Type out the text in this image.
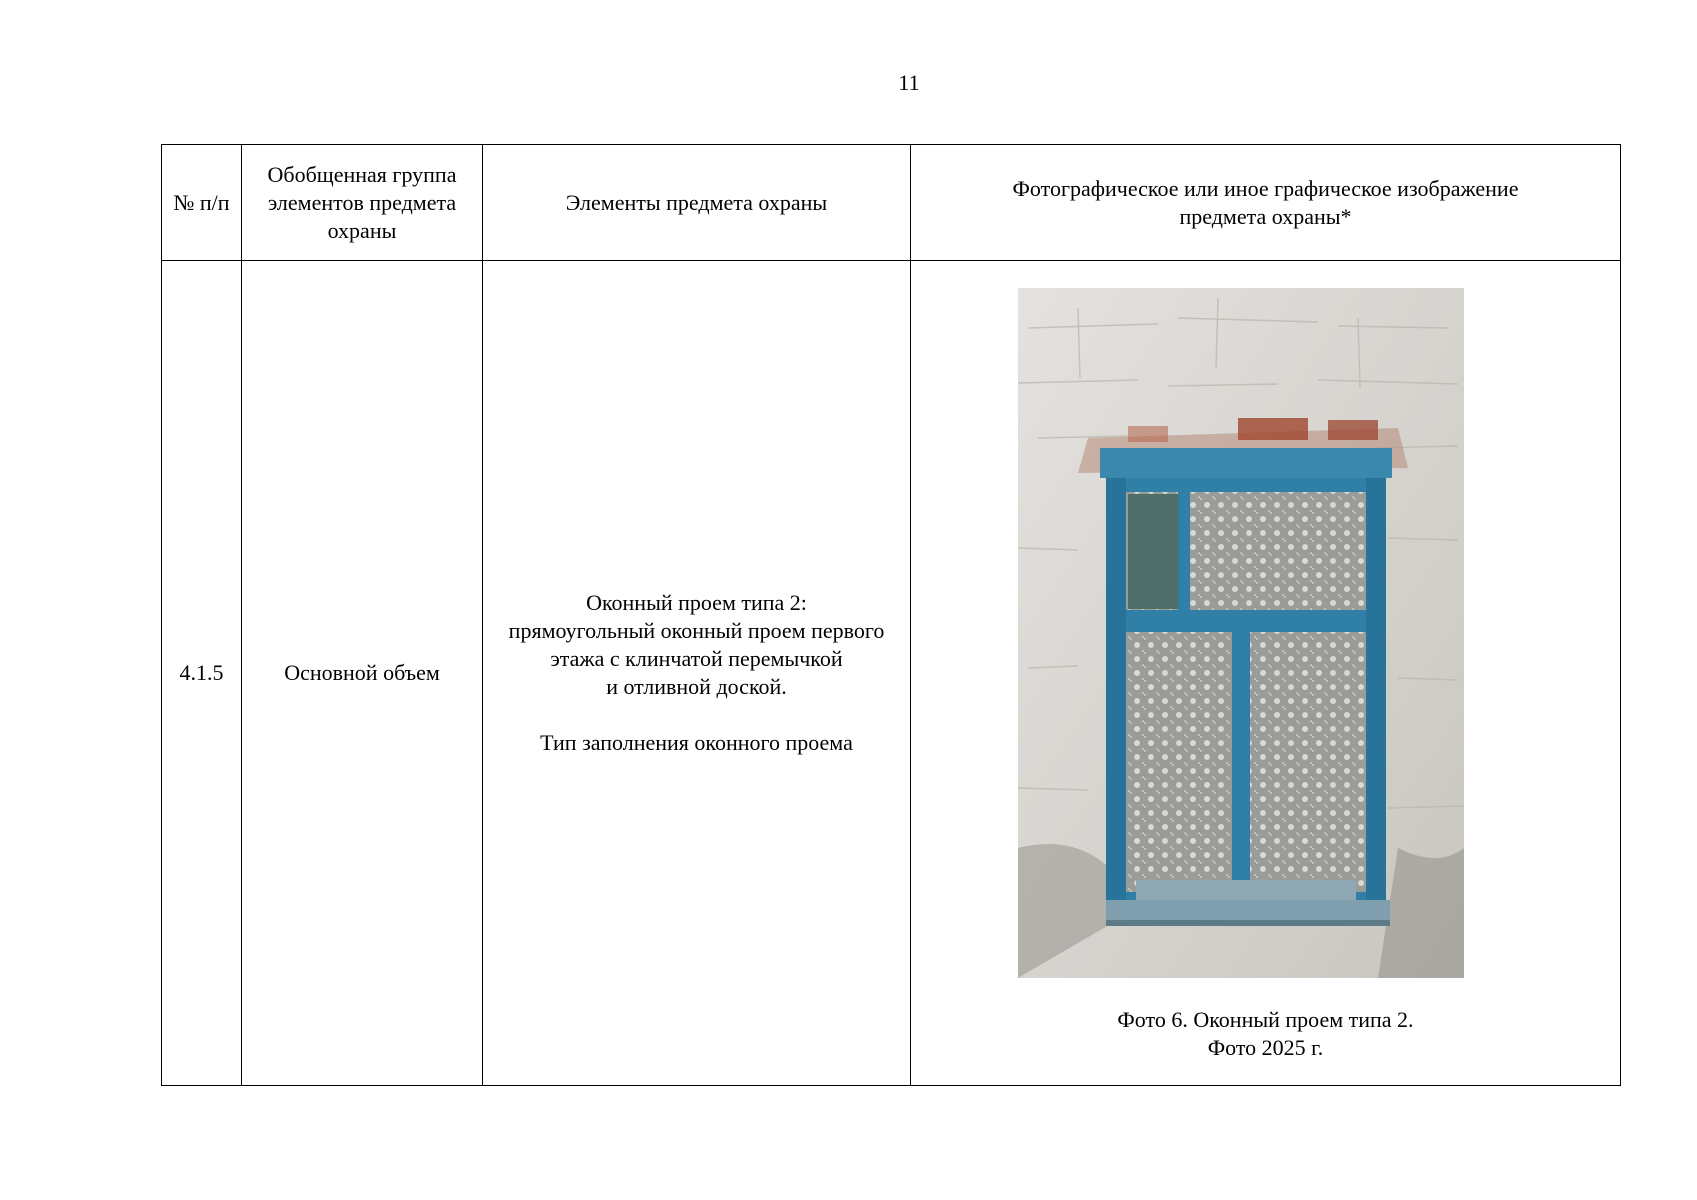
11
№ п/п	Обобщенная группа
элементов предмета
охраны	Элементы предмета охраны	Фотографическое или иное графическое изображение
предмета охраны*
4.1.5	Основной объем	Оконный проем типа 2:
прямоугольный оконный проем первого
этажа с клинчатой перемычкой
и отливной доской.

Тип заполнения оконного проема	Фото 6. Оконный проем типа 2.
Фото 2025 г.
